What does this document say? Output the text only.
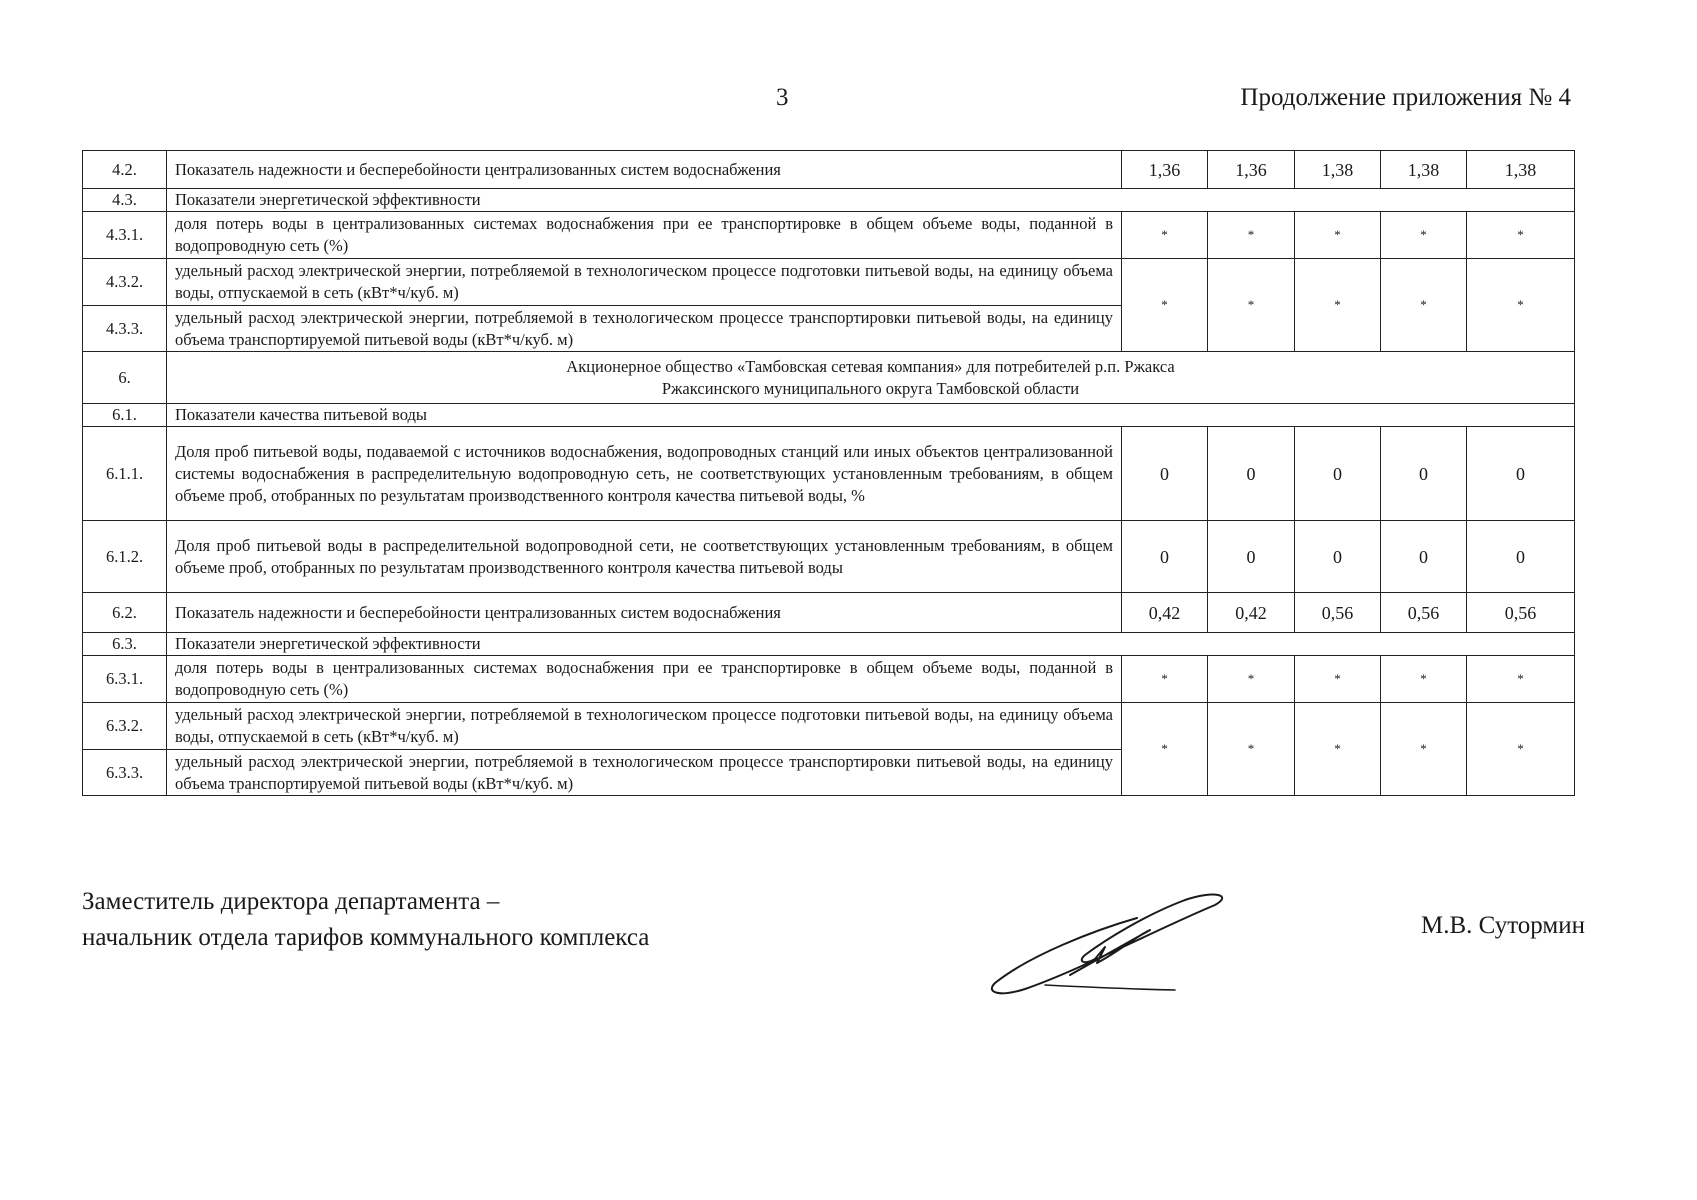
3	Продолжение приложения № 4
4.2.	Показатель надежности и бесперебойности централизованных систем водоснабжения	1,36	1,36	1,38	1,38	1,38
4.3.	Показатели энергетической эффективности					
4.3.1.	доля потерь воды в централизованных системах водоснабжения при ее транспортировке в общем объеме воды, поданной в водопроводную сеть (%)	*	*	*	*	*
4.3.2.	удельный расход электрической энергии, потребляемой в технологическом процессе подготовки питьевой воды, на единицу объема воды, отпускаемой в сеть (кВт*ч/куб. м)	*	*	*	*	*
4.3.3.	удельный расход электрической энергии, потребляемой в технологическом процессе транспортировки питьевой воды, на единицу объема транспортируемой питьевой воды (кВт*ч/куб. м)					
6.	Акционерное общество «Тамбовская сетевая компания» для потребителей р.п. Ржакса
Ржаксинского муниципального округа Тамбовской области					

6.1.	Показатели качества питьевой воды					
6.1.1.	Доля проб питьевой воды, подаваемой с источников водоснабжения, водопроводных станций или иных объектов централизованной системы водоснабжения в распределительную водопроводную сеть, не соответствующих установленным требованиям, в общем объеме проб, отобранных по результатам производственного контроля качества питьевой воды, %	0	0	0	0	0
6.1.2.	Доля проб питьевой воды в распределительной водопроводной сети, не соответствующих установленным требованиям, в общем объеме проб, отобранных по результатам производственного контроля качества питьевой воды	0	0	0	0	0
6.2.	Показатель надежности и бесперебойности централизованных систем водоснабжения	0,42	0,42	0,56	0,56	0,56
6.3.	Показатели энергетической эффективности					
6.3.1.	доля потерь воды в централизованных системах водоснабжения при ее транспортировке в общем объеме воды, поданной в водопроводную сеть (%)	*	*	*	*	*
6.3.2.	удельный расход электрической энергии, потребляемой в технологическом процессе подготовки питьевой воды, на единицу объема воды, отпускаемой в сеть (кВт*ч/куб. м)	*	*	*	*	*
6.3.3.	удельный расход электрической энергии, потребляемой в технологическом процессе транспортировки питьевой воды, на единицу объема транспортируемой питьевой воды (кВт*ч/куб. м)					
Заместитель директора департамента –
начальник отдела тарифов коммунального комплекса	М.В. Сутормин
